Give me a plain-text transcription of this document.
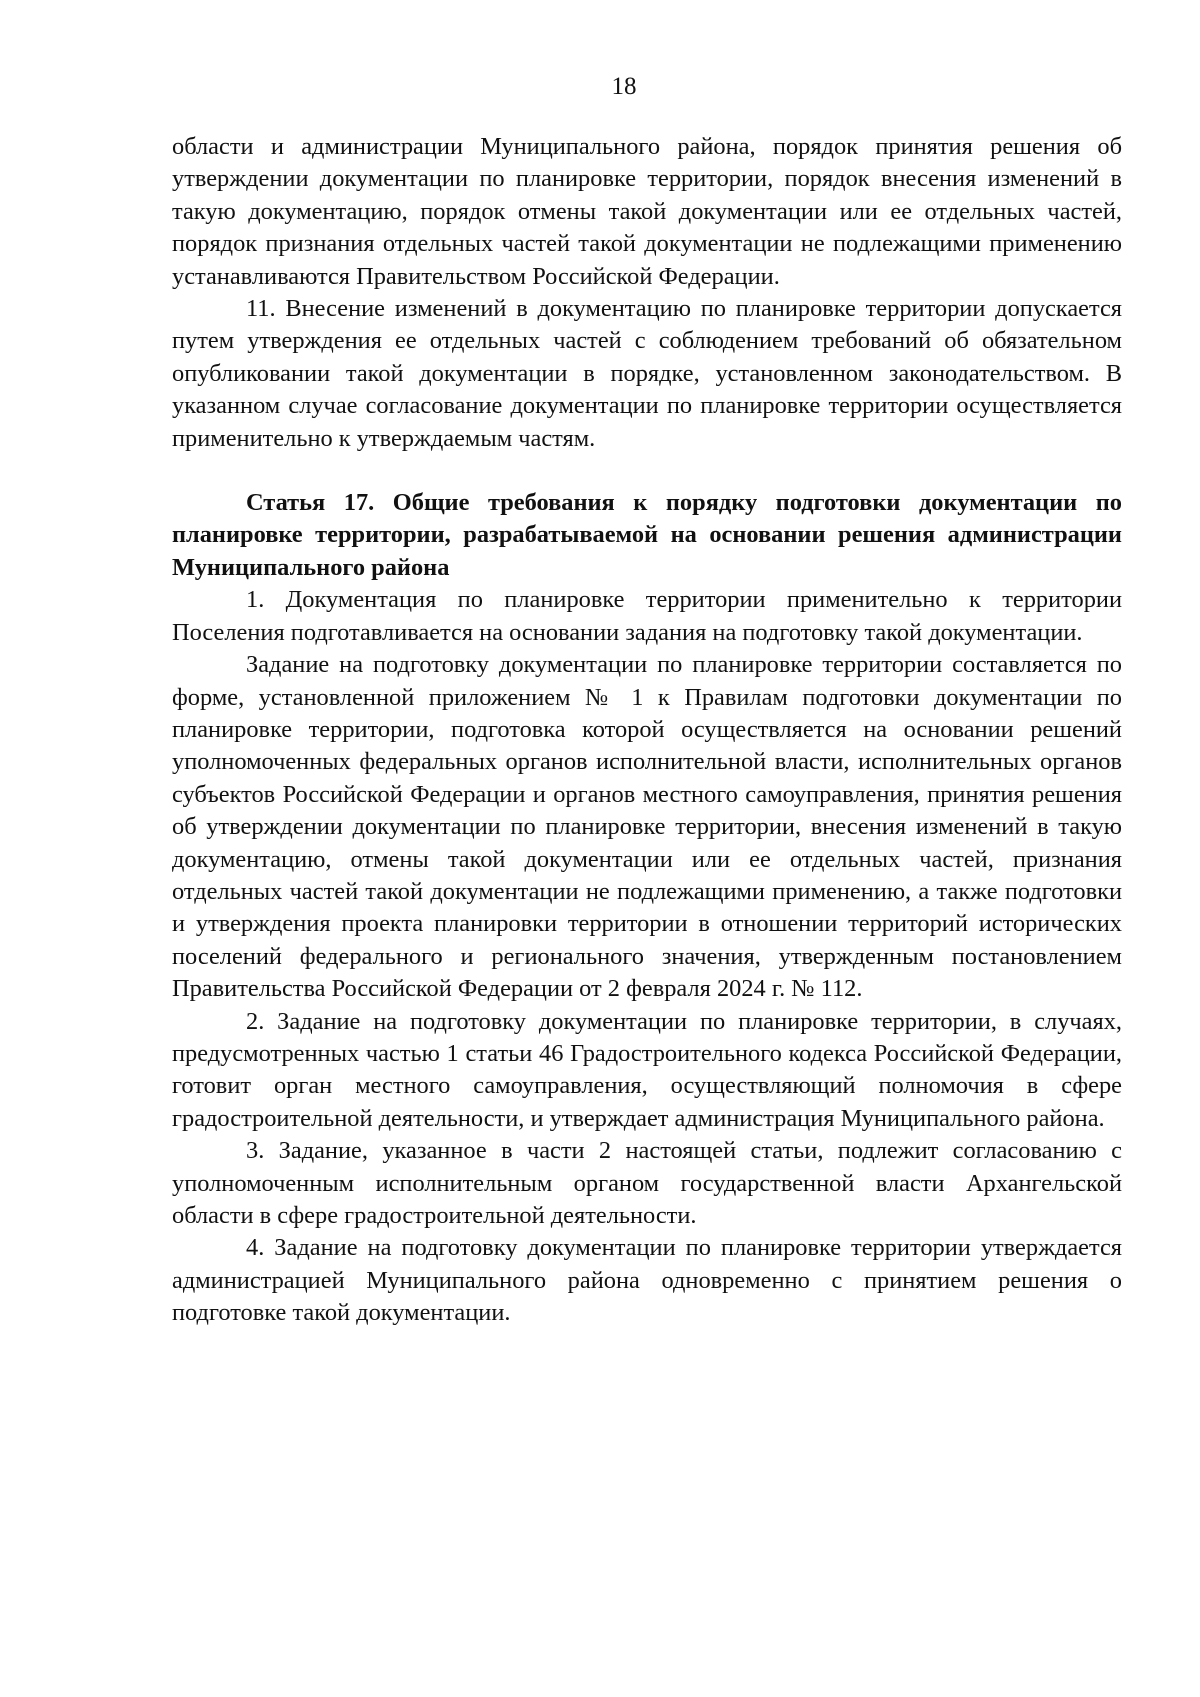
18

области и администрации Муниципального района, порядок принятия решения об утверждении документации по планировке территории, порядок внесения изменений в такую документацию, порядок отмены такой документации или ее отдельных частей, порядок признания отдельных частей такой документации не подлежащими применению устанавливаются Правительством Российской Федерации.

11. Внесение изменений в документацию по планировке территории допускается путем утверждения ее отдельных частей с соблюдением требований об обязательном опубликовании такой документации в порядке, установленном законодательством. В указанном случае согласование документации по планировке территории осуществляется применительно к утверждаемым частям.

Статья 17. Общие требования к порядку подготовки документации по планировке территории, разрабатываемой на основании решения администрации Муниципального района

1. Документация по планировке территории применительно к территории Поселения подготавливается на основании задания на подготовку такой документации.

Задание на подготовку документации по планировке территории составляется по форме, установленной приложением № 1 к Правилам подготовки документации по планировке территории, подготовка которой осуществляется на основании решений уполномоченных федеральных органов исполнительной власти, исполнительных органов субъектов Российской Федерации и органов местного самоуправления, принятия решения об утверждении документации по планировке территории, внесения изменений в такую документацию, отмены такой документации или ее отдельных частей, признания отдельных частей такой документации не подлежащими применению, а также подготовки и утверждения проекта планировки территории в отношении территорий исторических поселений федерального и регионального значения, утвержденным постановлением Правительства Российской Федерации от 2 февраля 2024 г. № 112.

2. Задание на подготовку документации по планировке территории, в случаях, предусмотренных частью 1 статьи 46 Градостроительного кодекса Российской Федерации, готовит орган местного самоуправления, осуществляющий полномочия в сфере градостроительной деятельности, и утверждает администрация Муниципального района.

3. Задание, указанное в части 2 настоящей статьи, подлежит согласованию с уполномоченным исполнительным органом государственной власти Архангельской области в сфере градостроительной деятельности.

4. Задание на подготовку документации по планировке территории утверждается администрацией Муниципального района одновременно с принятием решения о подготовке такой документации.
